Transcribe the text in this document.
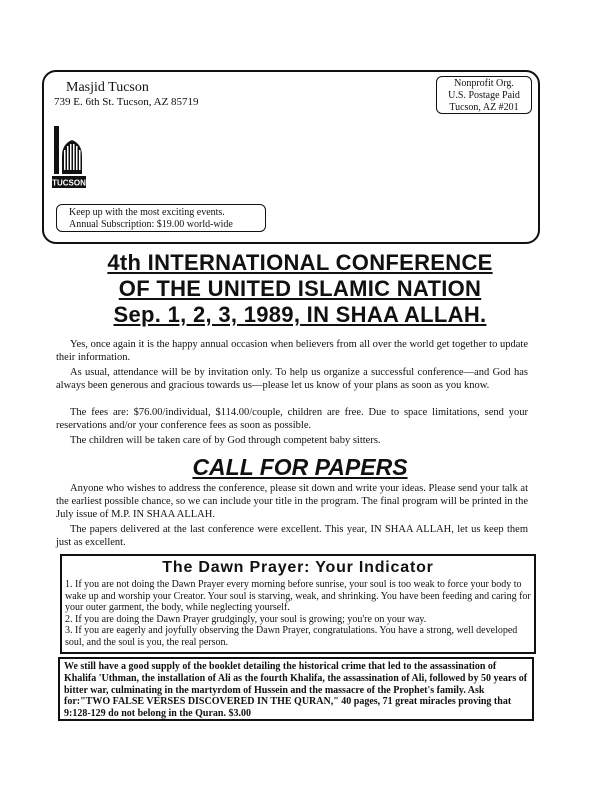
Masjid Tucson
739 E. 6th St. Tucson, AZ 85719
Nonprofit Org.
U.S. Postage Paid
Tucson, AZ #201
TUCSON
Keep up with the most exciting events.
Annual Subscription: $19.00 world-wide
4th INTERNATIONAL CONFERENCE
OF THE UNITED ISLAMIC NATION
Sep. 1, 2, 3, 1989, IN SHAA ALLAH.
Yes, once again it is the happy annual occasion when believers from all over the world get together to update their information.
As usual, attendance will be by invitation only. To help us organize a successful conference—and God has always been generous and gracious towards us—please let us know of your plans as soon as you know.
The fees are: $76.00/individual, $114.00/couple, children are free. Due to space limitations, send your reservations and/or your conference fees as soon as possible.
The children will be taken care of by God through competent baby sitters.
CALL FOR PAPERS
Anyone who wishes to address the conference, please sit down and write your ideas. Please send your talk at the earliest possible chance, so we can include your title in the program. The final program will be printed in the July issue of M.P. IN SHAA ALLAH.
The papers delivered at the last conference were excellent. This year, IN SHAA ALLAH, let us keep them just as excellent.
The Dawn Prayer: Your Indicator
1. If you are not doing the Dawn Prayer every morning before sunrise, your soul is too weak to force your body to wake up and worship your Creator. Your soul is starving, weak, and shrinking. You have been feeding and caring for your outer garment, the body, while neglecting yourself.
2. If you are doing the Dawn Prayer grudgingly, your soul is growing; you're on your way.
3. If you are eagerly and joyfully observing the Dawn Prayer, congratulations. You have a strong, well developed soul, and the soul is you, the real person.
We still have a good supply of the booklet detailing the historical crime that led to the assassination of Khalifa 'Uthman, the installation of Ali as the fourth Khalifa, the assassination of Ali, followed by 50 years of bitter war, culminating in the martyrdom of Hussein and the massacre of the Prophet's family. Ask for:"TWO FALSE VERSES DISCOVERED IN THE QURAN," 40 pages, 71 great miracles proving that 9:128-129 do not belong in the Quran. $3.00
